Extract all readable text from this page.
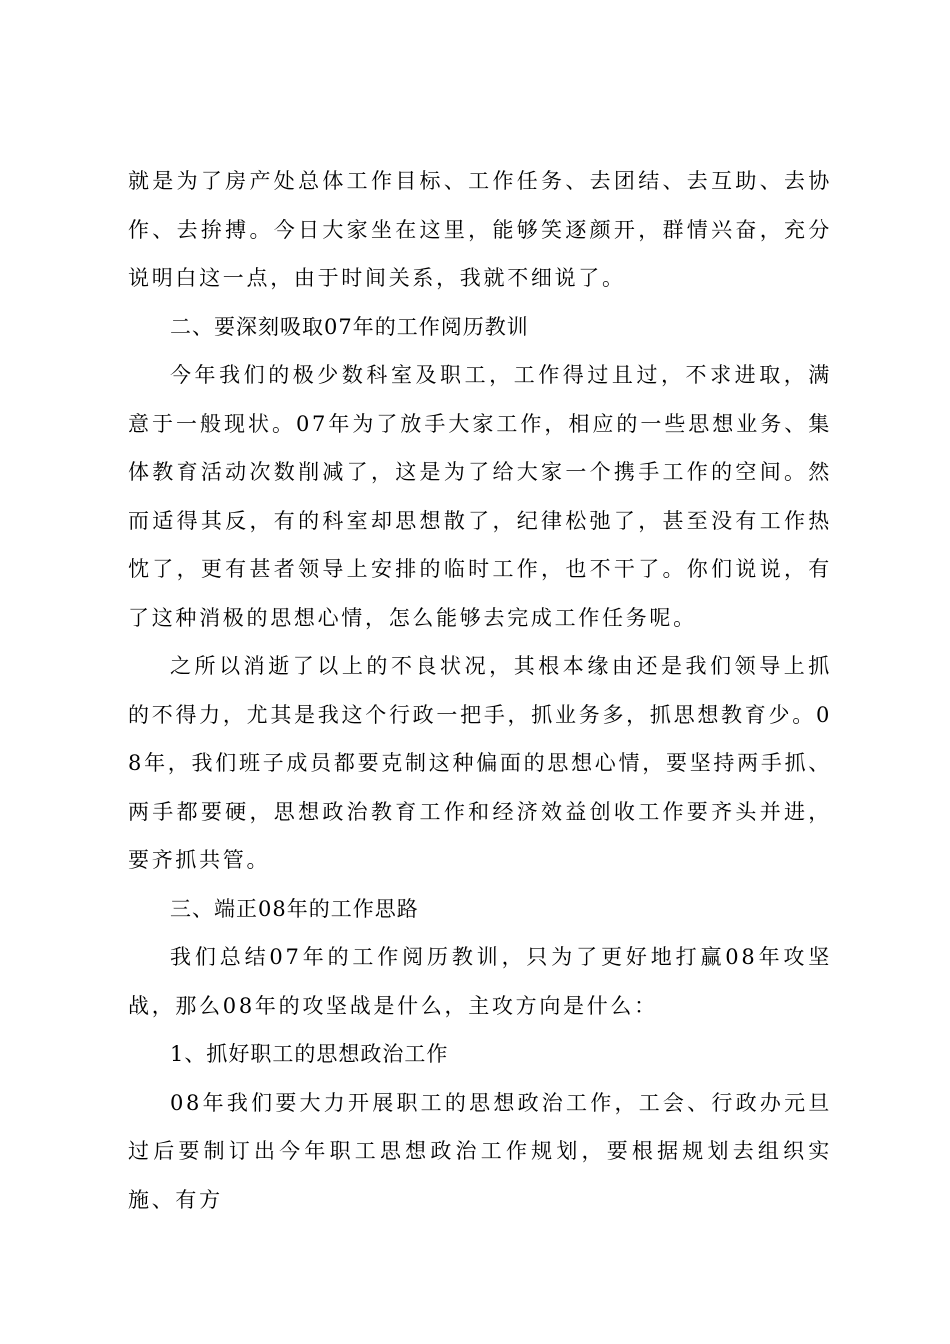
就是为了房产处总体工作目标、工作任务、去团结、去互助、去协作、去拚搏。今日大家坐在这里，能够笑逐颜开，群情兴奋，充分说明白这一点，由于时间关系，我就不细说了。

二、要深刻吸取07年的工作阅历教训

今年我们的极少数科室及职工，工作得过且过，不求进取，满意于一般现状。07年为了放手大家工作，相应的一些思想业务、集体教育活动次数削减了，这是为了给大家一个携手工作的空间。然而适得其反，有的科室却思想散了，纪律松弛了，甚至没有工作热忱了，更有甚者领导上安排的临时工作，也不干了。你们说说，有了这种消极的思想心情，怎么能够去完成工作任务呢。

之所以消逝了以上的不良状况，其根本缘由还是我们领导上抓的不得力，尤其是我这个行政一把手，抓业务多，抓思想教育少。08年，我们班子成员都要克制这种偏面的思想心情，要坚持两手抓、两手都要硬，思想政治教育工作和经济效益创收工作要齐头并进，要齐抓共管。

三、端正08年的工作思路

我们总结07年的工作阅历教训，只为了更好地打赢08年攻坚战，那么08年的攻坚战是什么，主攻方向是什么：

1、抓好职工的思想政治工作

08年我们要大力开展职工的思想政治工作，工会、行政办元旦过后要制订出今年职工思想政治工作规划，要根据规划去组织实施、有方
